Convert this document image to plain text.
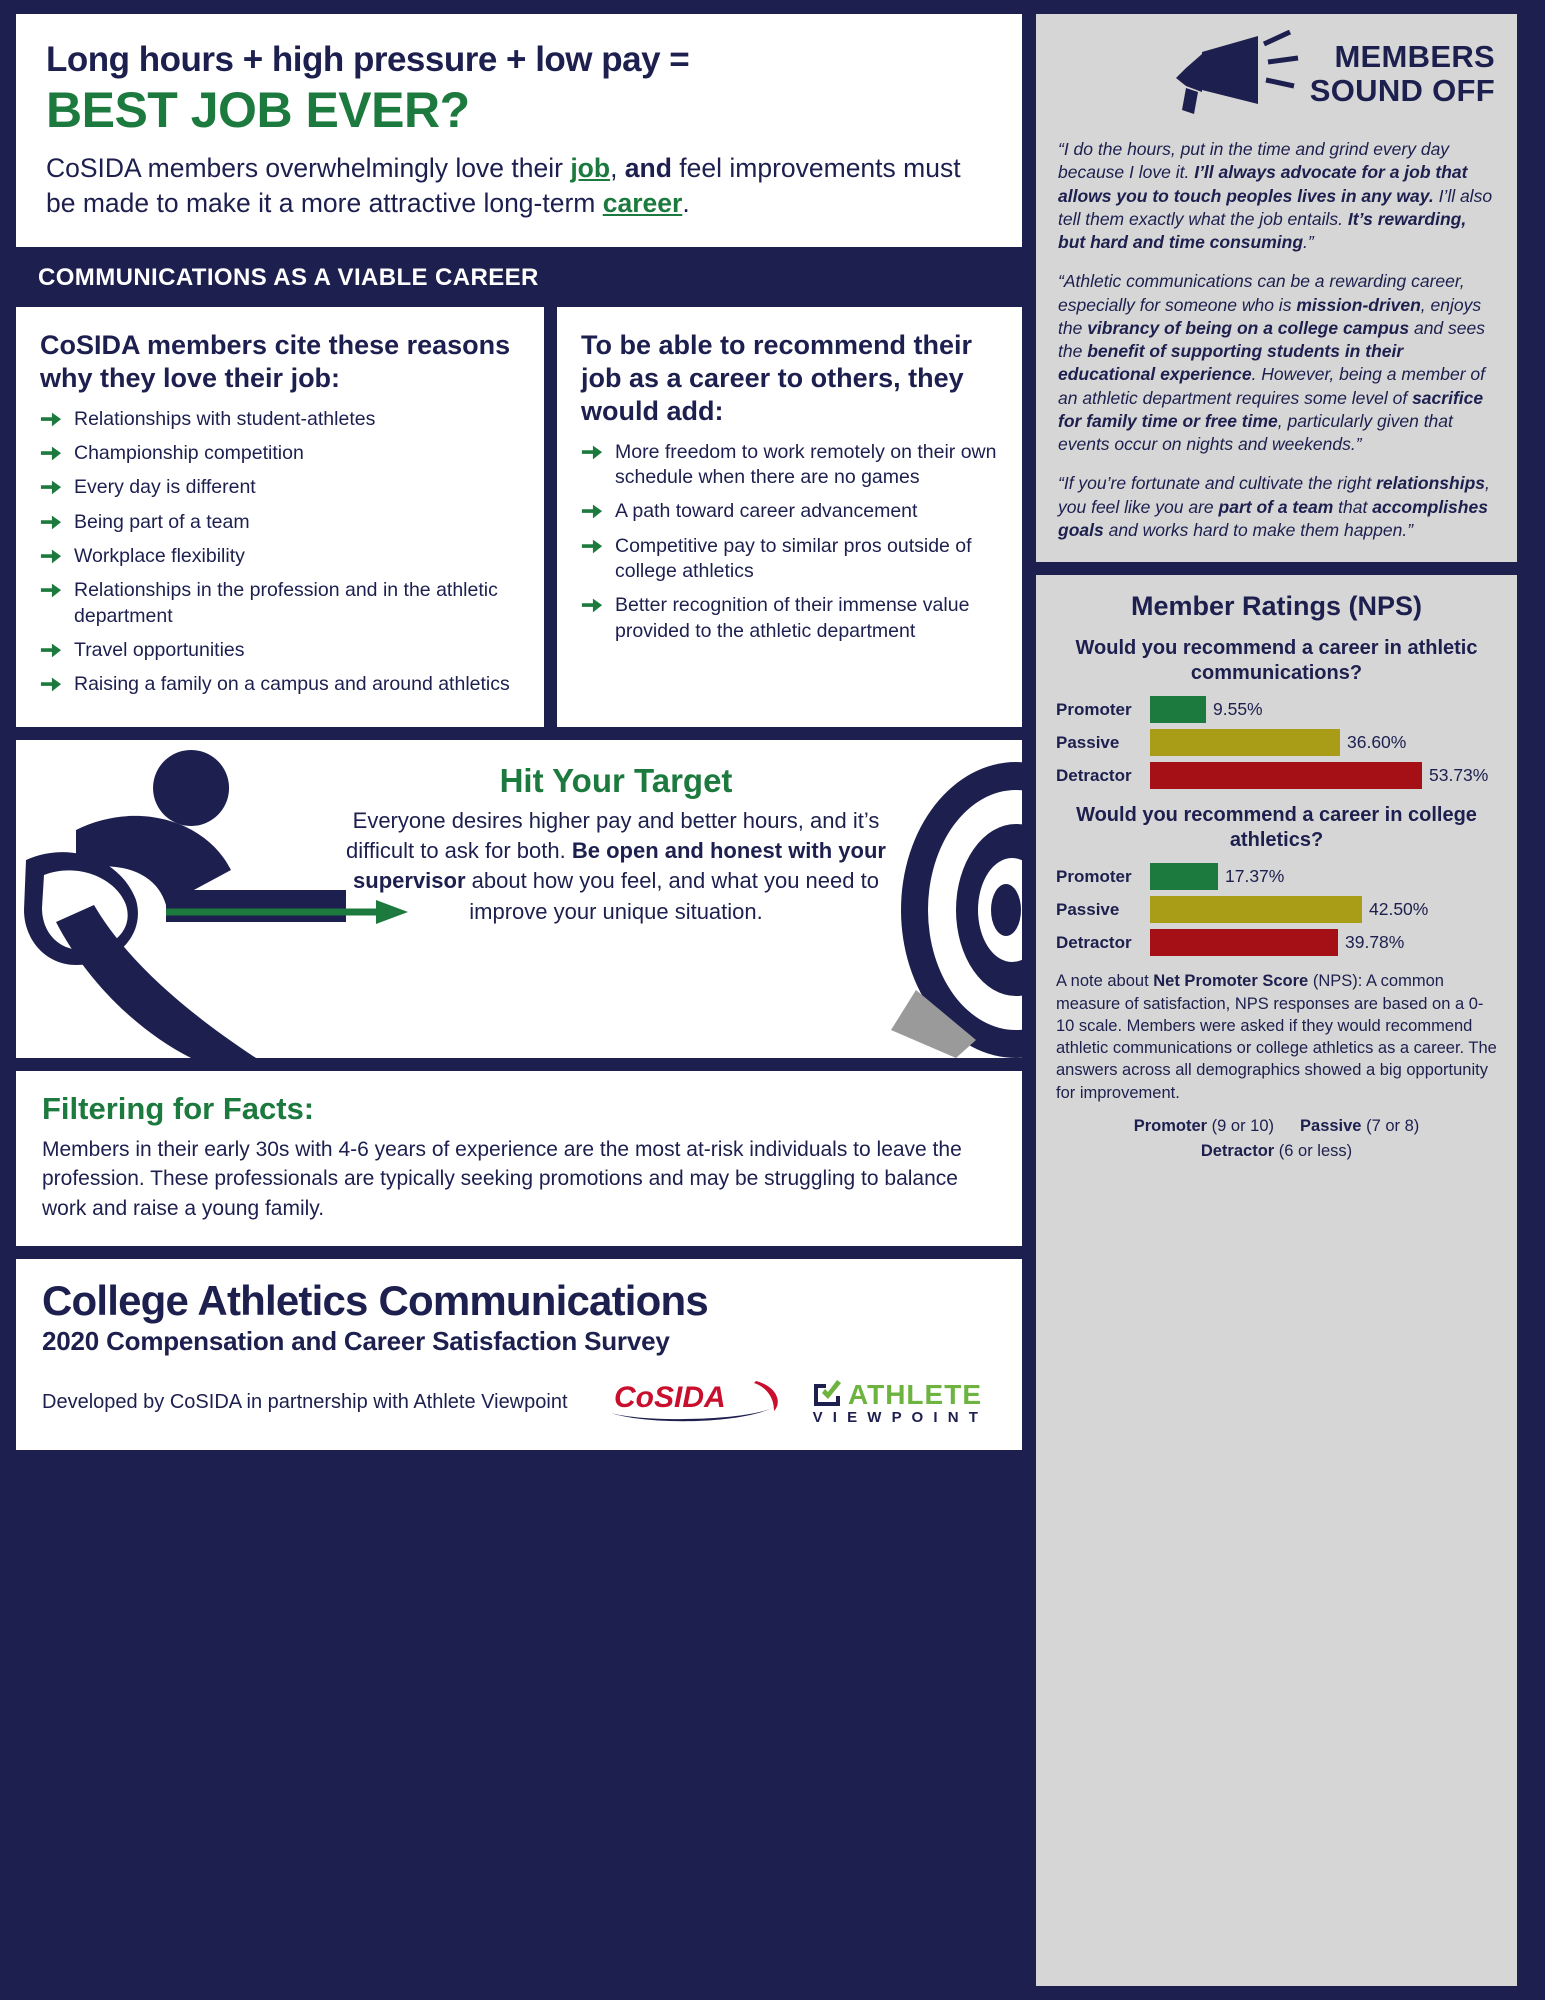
Long hours + high pressure + low pay =
BEST JOB EVER?
CoSIDA members overwhelmingly love their job, and feel improvements must be made to make it a more attractive long-term career.
COMMUNICATIONS AS A VIABLE CAREER
CoSIDA members cite these reasons why they love their job:
Relationships with student-athletes
Championship competition
Every day is different
Being part of a team
Workplace flexibility
Relationships in the profession and in the athletic department
Travel opportunities
Raising a family on a campus and around athletics
To be able to recommend their job as a career to others, they would add:
More freedom to work remotely on their own schedule when there are no games
A path toward career advancement
Competitive pay to similar pros outside of college athletics
Better recognition of their immense value provided to the athletic department
Hit Your Target
Everyone desires higher pay and better hours, and it’s difficult to ask for both. Be open and honest with your supervisor about how you feel, and what you need to improve your unique situation.
Filtering for Facts:
Members in their early 30s with 4-6 years of experience are the most at-risk individuals to leave the profession. These professionals are typically seeking promotions and may be struggling to balance work and raise a young family.
College Athletics Communications
2020 Compensation and Career Satisfaction Survey
Developed by CoSIDA in partnership with Athlete Viewpoint	CoSIDA	ATHLETE
V I E W P O I N T
MEMBERS
SOUND OFF
“I do the hours, put in the time and grind every day because I love it. I’ll always advocate for a job that allows you to touch peoples lives in any way. I’ll also tell them exactly what the job entails. It’s rewarding, but hard and time consuming.”
“Athletic communications can be a rewarding career, especially for someone who is mission-driven, enjoys the vibrancy of being on a college campus and sees the benefit of supporting students in their educational experience. However, being a member of an athletic department requires some level of sacrifice for family time or free time, particularly given that events occur on nights and weekends.”
“If you’re fortunate and cultivate the right relationships, you feel like you are part of a team that accomplishes goals and works hard to make them happen.”
Member Ratings (NPS)
Would you recommend a career in athletic communications?
Promoter	9.55%
Passive	36.60%
Detractor	53.73%
Would you recommend a career in college athletics?
Promoter	17.37%
Passive	42.50%
Detractor	39.78%
A note about Net Promoter Score (NPS): A common measure of satisfaction, NPS responses are based on a 0-10 scale. Members were asked if they would recommend athletic communications or college athletics as a career. The answers across all demographics showed a big opportunity for improvement.
Promoter (9 or 10) Passive (7 or 8)
Detractor (6 or less)
